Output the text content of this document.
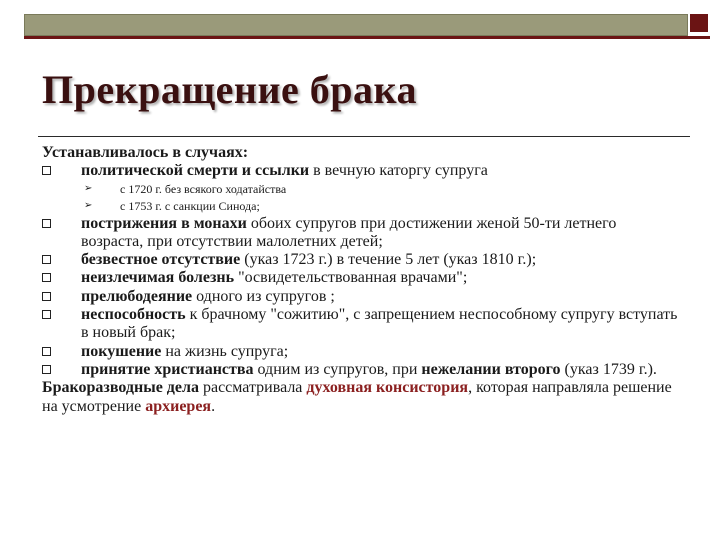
Прекращение брака
Устанавливалось в случаях:
политической смерти и ссылки в вечную каторгу супруга
➢ с 1720 г. без всякого ходатайства
➢ с 1753 г. с санкции Синода;
пострижения в монахи обоих супругов при достижении женой 50-ти летнего возраста, при отсутствии малолетних детей;
безвестное отсутствие (указ 1723 г.) в течение 5 лет (указ 1810 г.);
неизлечимая болезнь "освидетельствованная врачами";
прелюбодеяние одного из супругов ;
неспособность к брачному "сожитию", с запрещением неспособному супругу вступать в новый брак;
покушение на жизнь супруга;
принятие христианства одним из супругов, при нежелании второго (указ 1739 г.).
Бракоразводные дела рассматривала духовная консистория, которая направляла решение на усмотрение архиерея.
